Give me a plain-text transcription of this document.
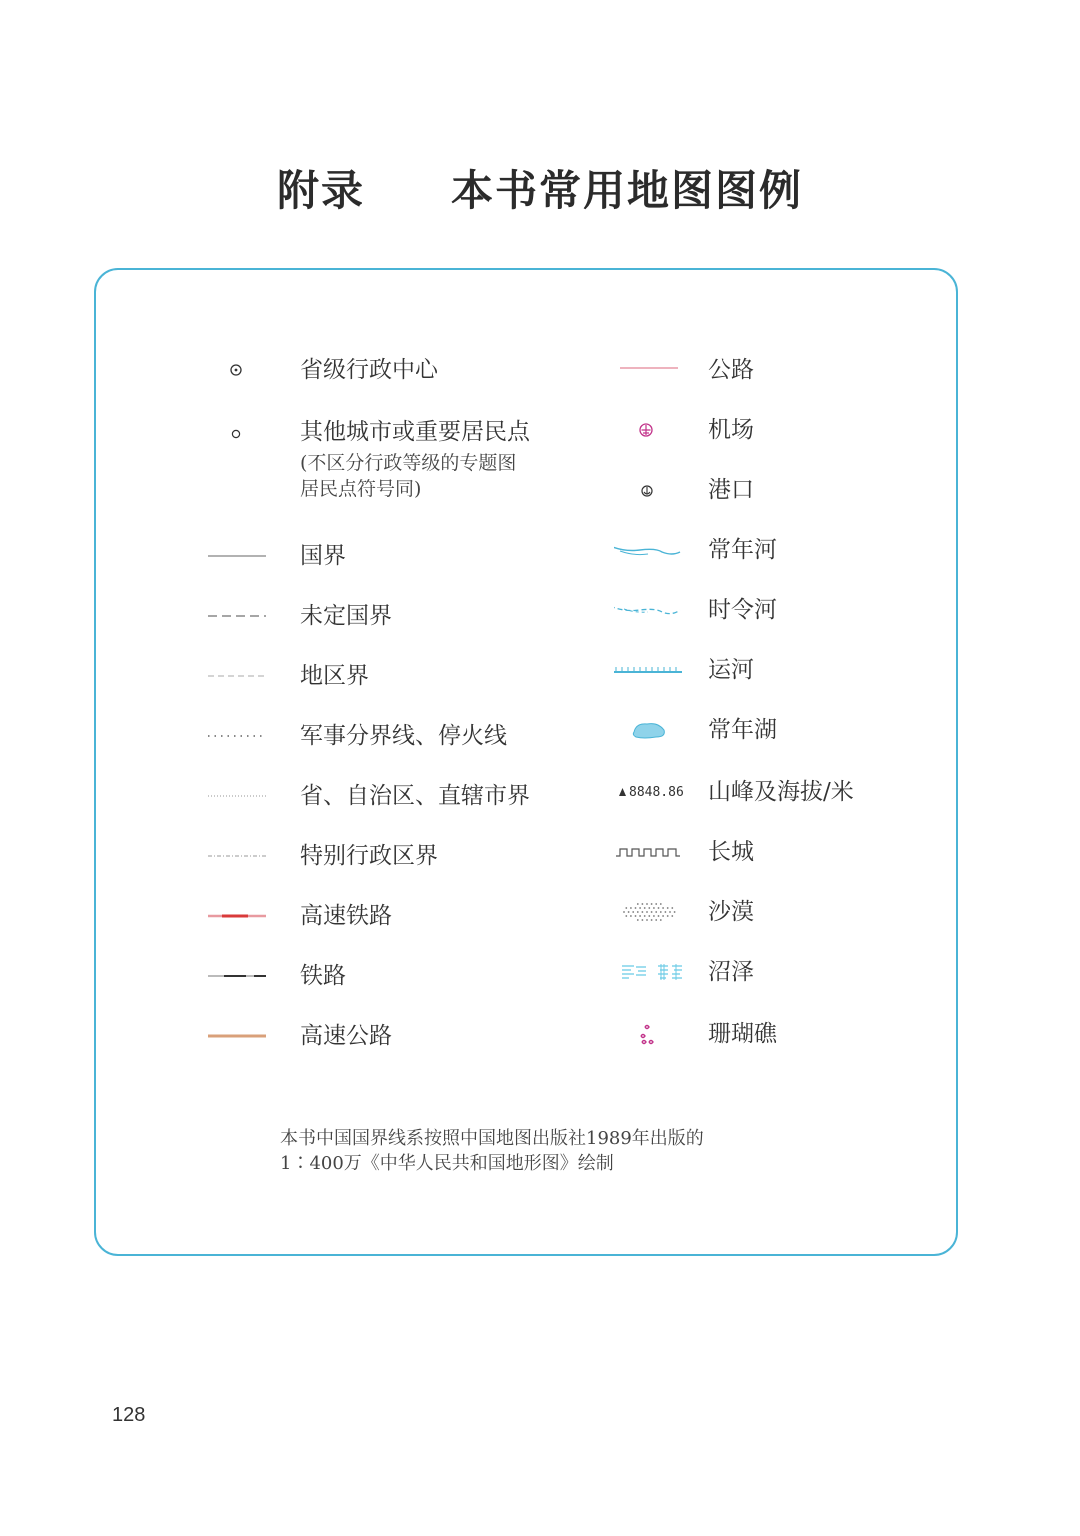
附录 本书常用地图图例
省级行政中心
其他城市或重要居民点
(不区分行政等级的专题图
居民点符号同)
国界
未定国界
地区界
军事分界线、停火线
省、自治区、直辖市界
特别行政区界
高速铁路
铁路
高速公路
公路
机场
港口
常年河
时令河
运河
常年湖
8848.86 山峰及海拔/米
长城
沙漠
沼泽
珊瑚礁
本书中国国界线系按照中国地图出版社1989年出版的
1∶400万《中华人民共和国地形图》绘制
128
